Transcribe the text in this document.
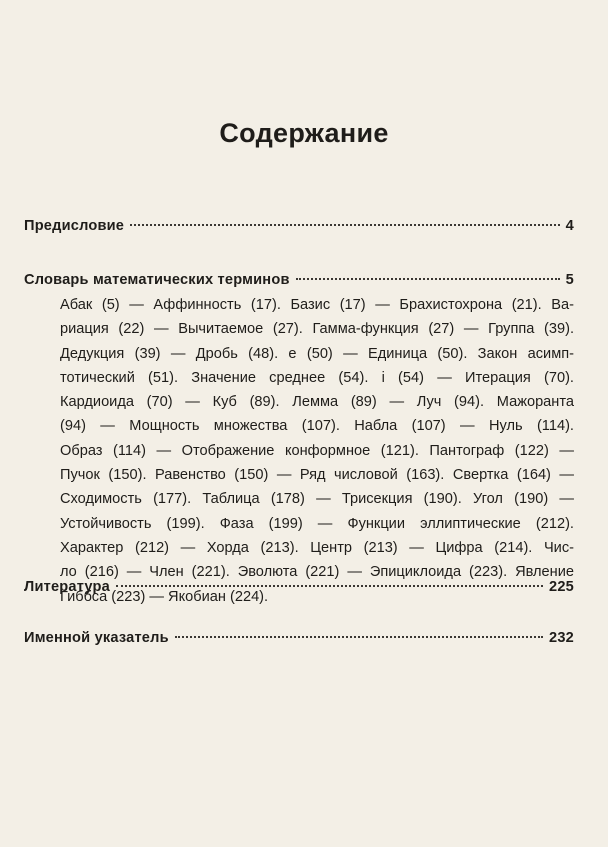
Содержание
Предисловие	4
Словарь математических терминов	5
Абак (5) — Аффинность (17). Базис (17) — Брахистохрона (21). Ва-
риация (22) — Вычитаемое (27). Гамма-функция (27) — Группа (39).
Дедукция (39) — Дробь (48). e (50) — Единица (50). Закон асимп-
тотический (51). Значение среднее (54). i (54) — Итерация (70).
Кардиоида (70) — Куб (89). Лемма (89) — Луч (94). Мажоранта
(94) — Мощность множества (107). Набла (107) — Нуль (114).
Образ (114) — Отображение конформное (121). Пантограф (122) —
Пучок (150). Равенство (150) — Ряд числовой (163). Свертка (164) —
Сходимость (177). Таблица (178) — Трисекция (190). Угол (190) —
Устойчивость (199). Фаза (199) — Функции эллиптические (212).
Характер (212) — Хорда (213). Центр (213) — Цифра (214). Чис-
ло (216) — Член (221). Эволюта (221) — Эпициклоида (223). Явление
Гиббса (223) — Якобиан (224).
Литература	225
Именной указатель	232
